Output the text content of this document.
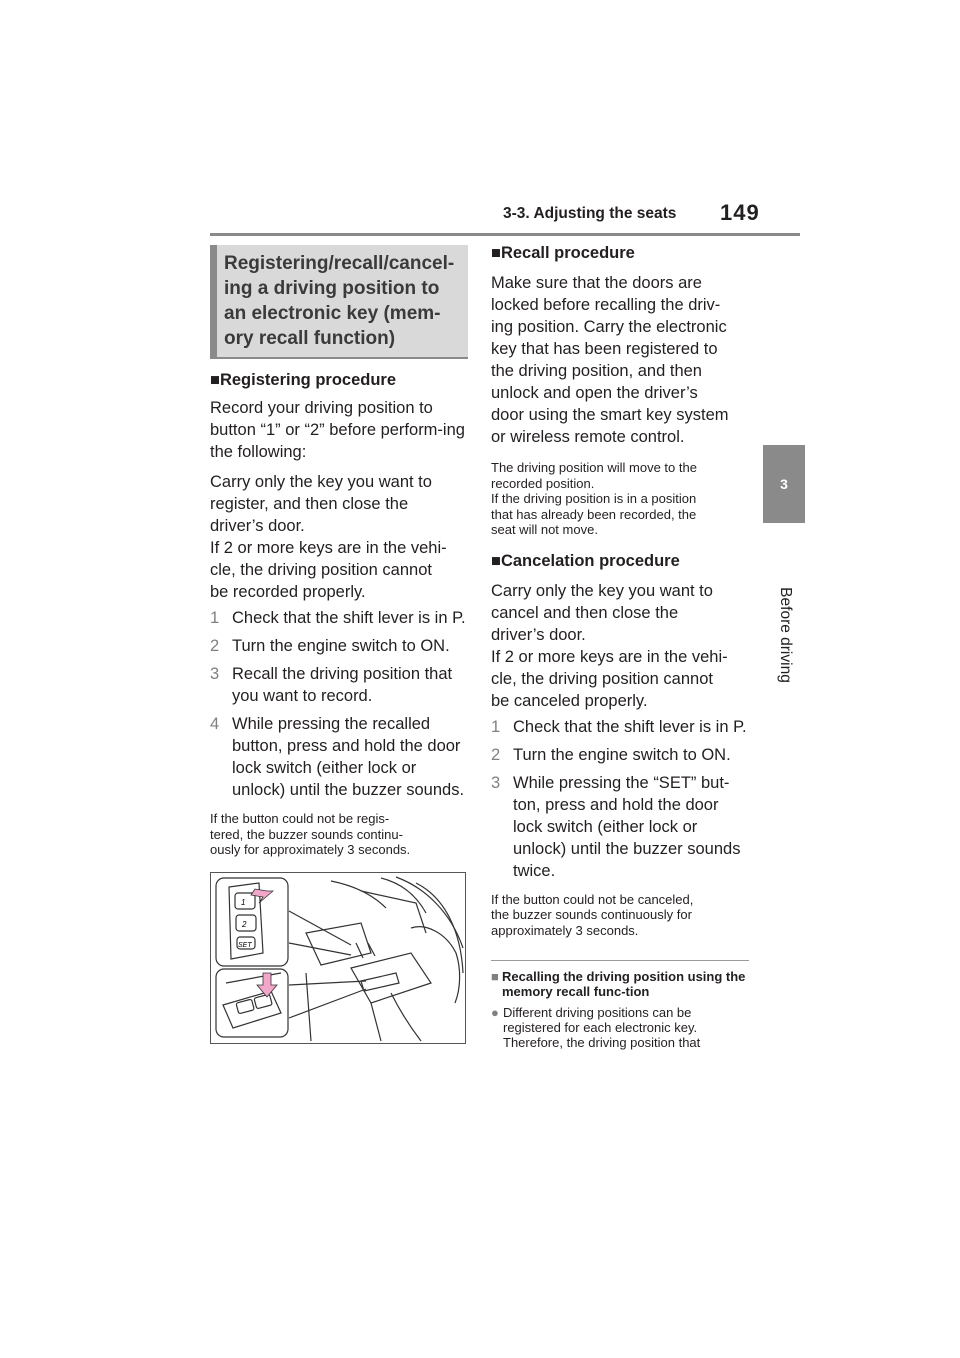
3-3. Adjusting the seats 149
3
Before driving
Registering/recall/cancel-
ing a driving position to
an electronic key (mem-
ory recall function)
■Registering procedure

Record your driving position to button “1” or “2” before perform-ing the following:

Carry only the key you want to
register, and then close the
driver’s door.
If 2 or more keys are in the vehi-
cle, the driving position cannot
be recorded properly.
1 Check that the shift lever is in P.
2 Turn the engine switch to ON.
3 Recall the driving position that you want to record.
4 While pressing the recalled button, press and hold the door lock switch (either lock or unlock) until the buzzer sounds.
If the button could not be regis-
tered, the buzzer sounds continu-
ously for approximately 3 seconds.
1
2
SET
■Recall procedure
Make sure that the doors are
locked before recalling the driv-
ing position. Carry the electronic
key that has been registered to
the driving position, and then
unlock and open the driver’s
door using the smart key system
or wireless remote control.
The driving position will move to the
recorded position.
If the driving position is in a position
that has already been recorded, the
seat will not move.
■Cancelation procedure
Carry only the key you want to
cancel and then close the
driver’s door.
If 2 or more keys are in the vehi-
cle, the driving position cannot
be canceled properly.
1 Check that the shift lever is in P.
2 Turn the engine switch to ON.
3 While pressing the “SET” but-ton, press and hold the door lock switch (either lock or unlock) until the buzzer sounds twice.
If the button could not be canceled,
the buzzer sounds continuously for
approximately 3 seconds.
■ Recalling the driving position using the memory recall func-tion
● Different driving positions can be registered for each electronic key. Therefore, the driving position that
